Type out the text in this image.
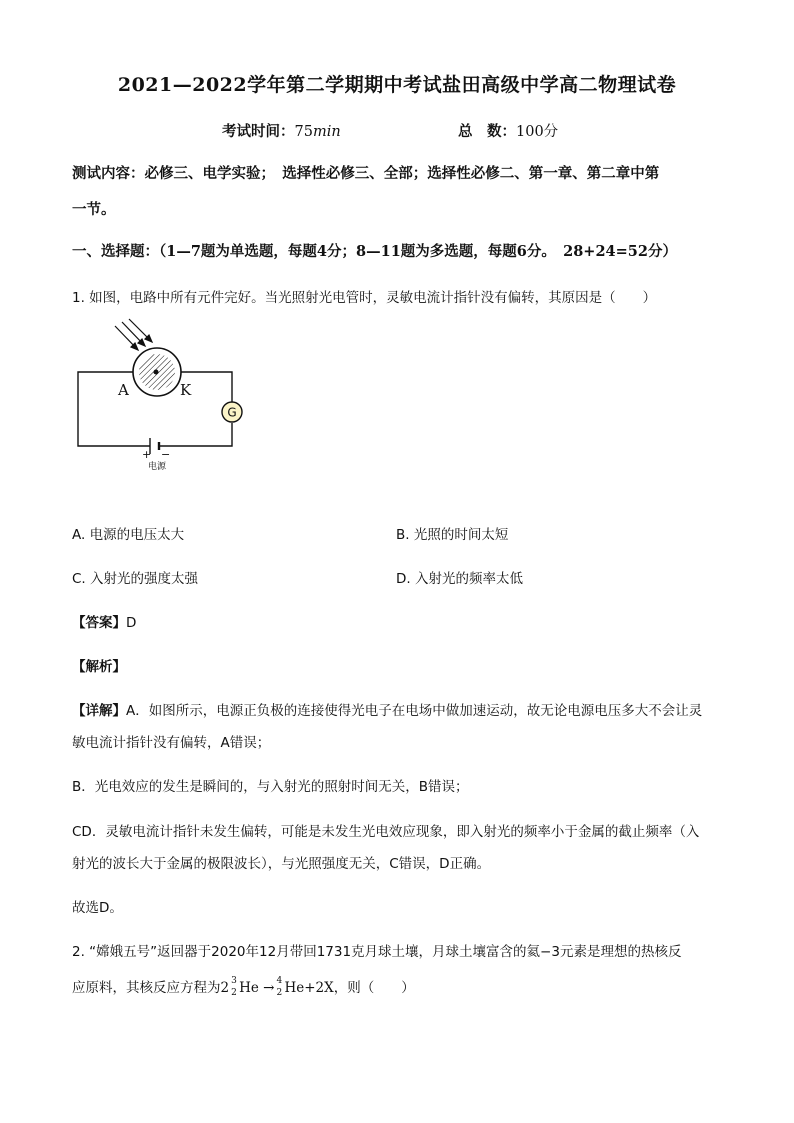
2021—2022学年第二学期期中考试盐田高级中学高二物理试卷
考试时间：75min	总　数：100分
测试内容：必修三、电学实验；　选择性必修三、全部；选择性必修二、第一章、第二章中第
一节。
一、选择题：（1—7题为单选题，每题4分；8—11题为多选题，每题6分。　28+24=52分）
1. 如图，电路中所有元件完好。当光照射光电管时，灵敏电流计指针没有偏转，其原因是（　　）
G
A	K
+ −
电源
A. 电源的电压太大	B. 光照的时间太短
C. 入射光的强度太强	D. 入射光的频率太低
【答案】D
【解析】
【详解】A．如图所示，电源正负极的连接使得光电子在电场中做加速运动，故无论电源电压多大不会让灵
敏电流计指针没有偏转，A错误；
B．光电效应的发生是瞬间的，与入射光的照射时间无关，B错误；
CD．灵敏电流计指针未发生偏转，可能是未发生光电效应现象，即入射光的频率小于金属的截止频率（入
射光的波长大于金属的极限波长），与光照强度无关，C错误，D正确。
故选D。
2. “嫦娥五号”返回器于2020年12月带回1731克月球土壤，月球土壤富含的氦−3元素是理想的热核反
应原料，其核反应方程为2 3
2 He → 4
2 He+2X，则（　　）
